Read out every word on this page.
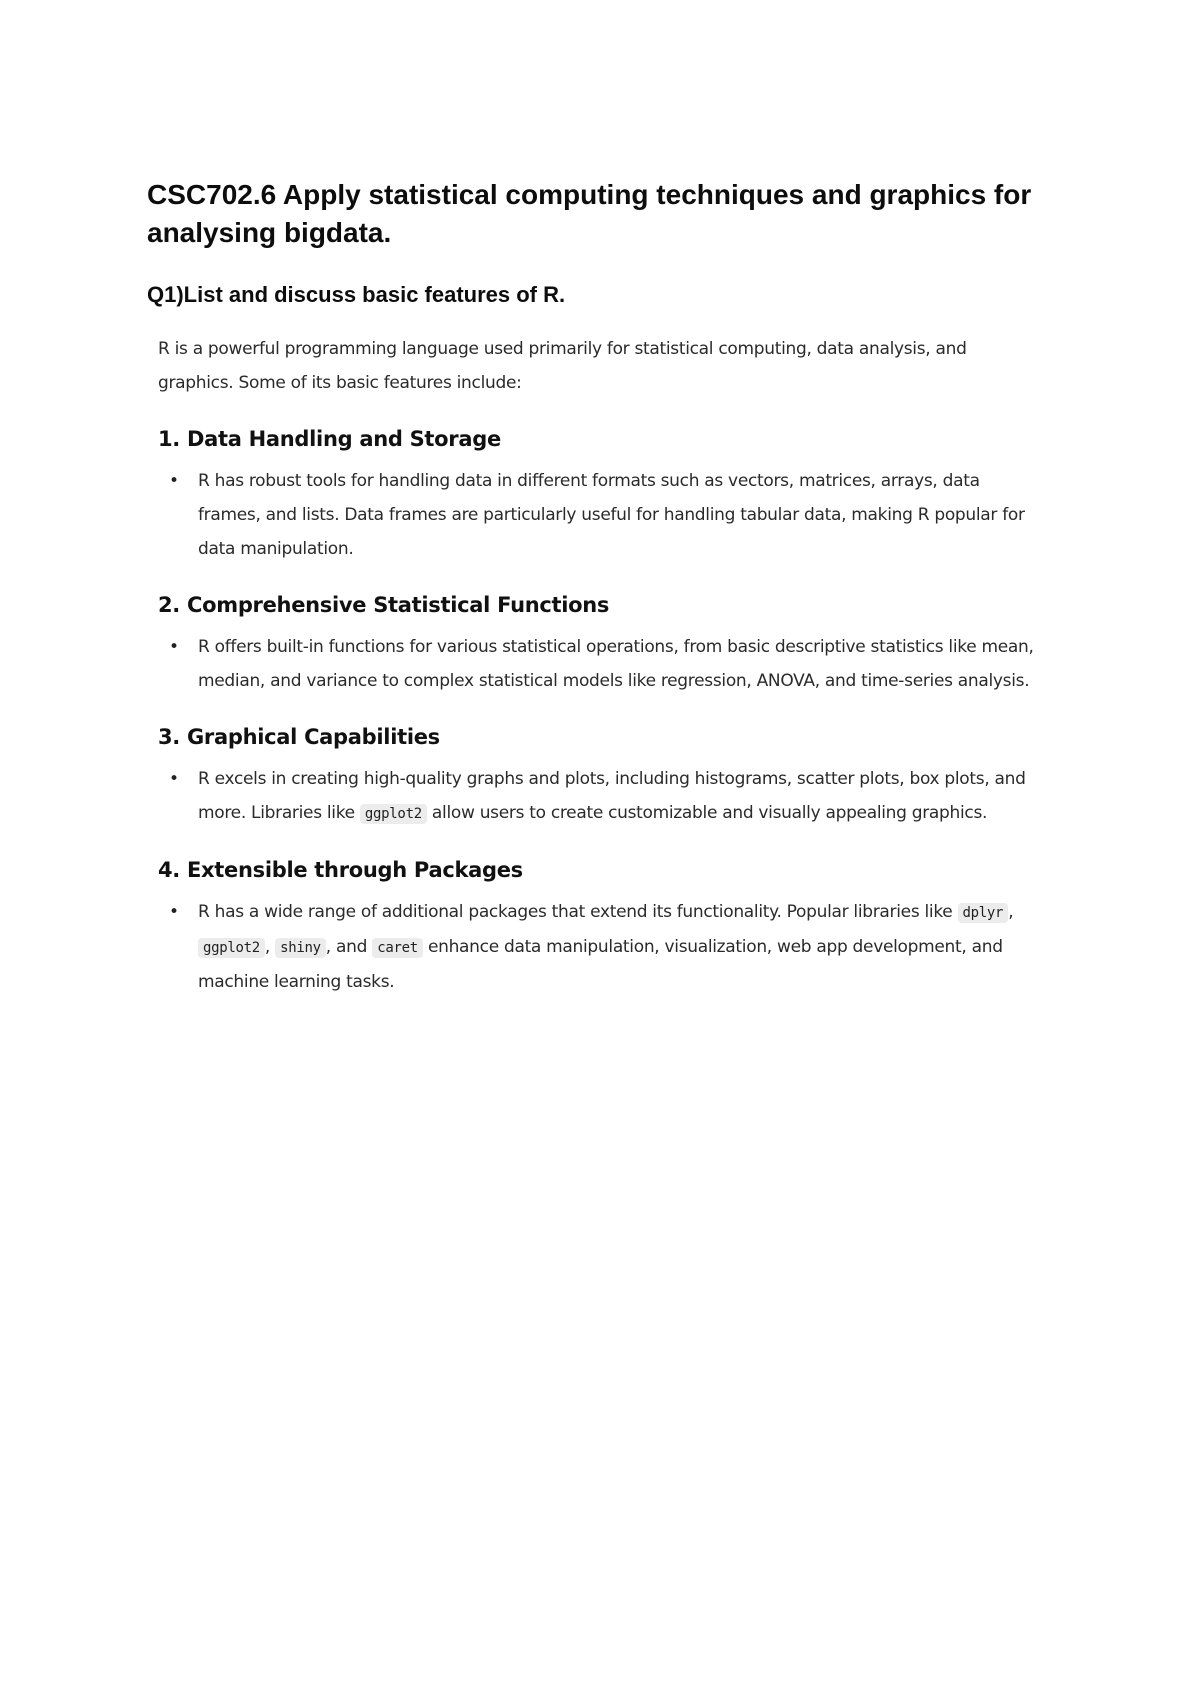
CSC702.6 Apply statistical computing techniques and graphics for analysing bigdata.
Q1)List and discuss basic features of R.

R is a powerful programming language used primarily for statistical computing, data analysis, and graphics. Some of its basic features include:

1. Data Handling and Storage
• R has robust tools for handling data in different formats such as vectors, matrices, arrays, data frames, and lists. Data frames are particularly useful for handling tabular data, making R popular for data manipulation.
2. Comprehensive Statistical Functions
• R offers built-in functions for various statistical operations, from basic descriptive statistics like mean, median, and variance to complex statistical models like regression, ANOVA, and time-series analysis.
3. Graphical Capabilities
• R excels in creating high-quality graphs and plots, including histograms, scatter plots, box plots, and more. Libraries like ggplot2 allow users to create customizable and visually appealing graphics.
4. Extensible through Packages
• R has a wide range of additional packages that extend its functionality. Popular libraries like dplyr , ggplot2 , shiny , and caret enhance data manipulation, visualization, web app development, and machine learning tasks.
